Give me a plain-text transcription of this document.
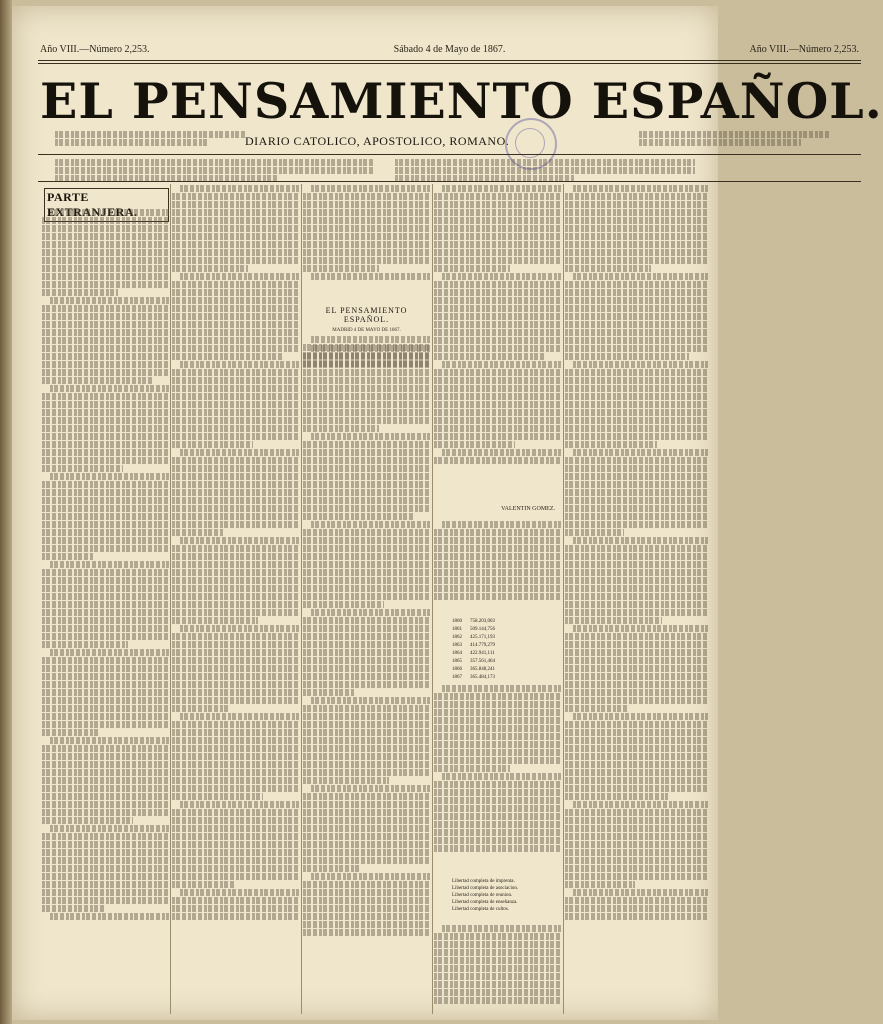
Año VIII.—Número 2,253.	Sábado 4 de Mayo de 1867.	Año VIII.—Número 2,253.
EL PENSAMIENTO ESPAÑOL.
DIARIO CATOLICO, APOSTOLICO, ROMANO.
PARTE EXTRANJERA.
EL PENSAMIENTO ESPAÑOL.
MADRID 4 DE MAYO DE 1867.
VALENTIN GOMEZ.
1860	758.203,003
1861	509.144,756
1862	425.171,193
1863	414.779,279
1864	422.941,111
1865	357.561,464
1866	365.848,241
1867	365.484,173
Libertad completa de imprenta.
Libertad completa de asociacion.
Libertad completa de reunion.
Libertad completa de enseñanza.
Libertad completa de cultos.
